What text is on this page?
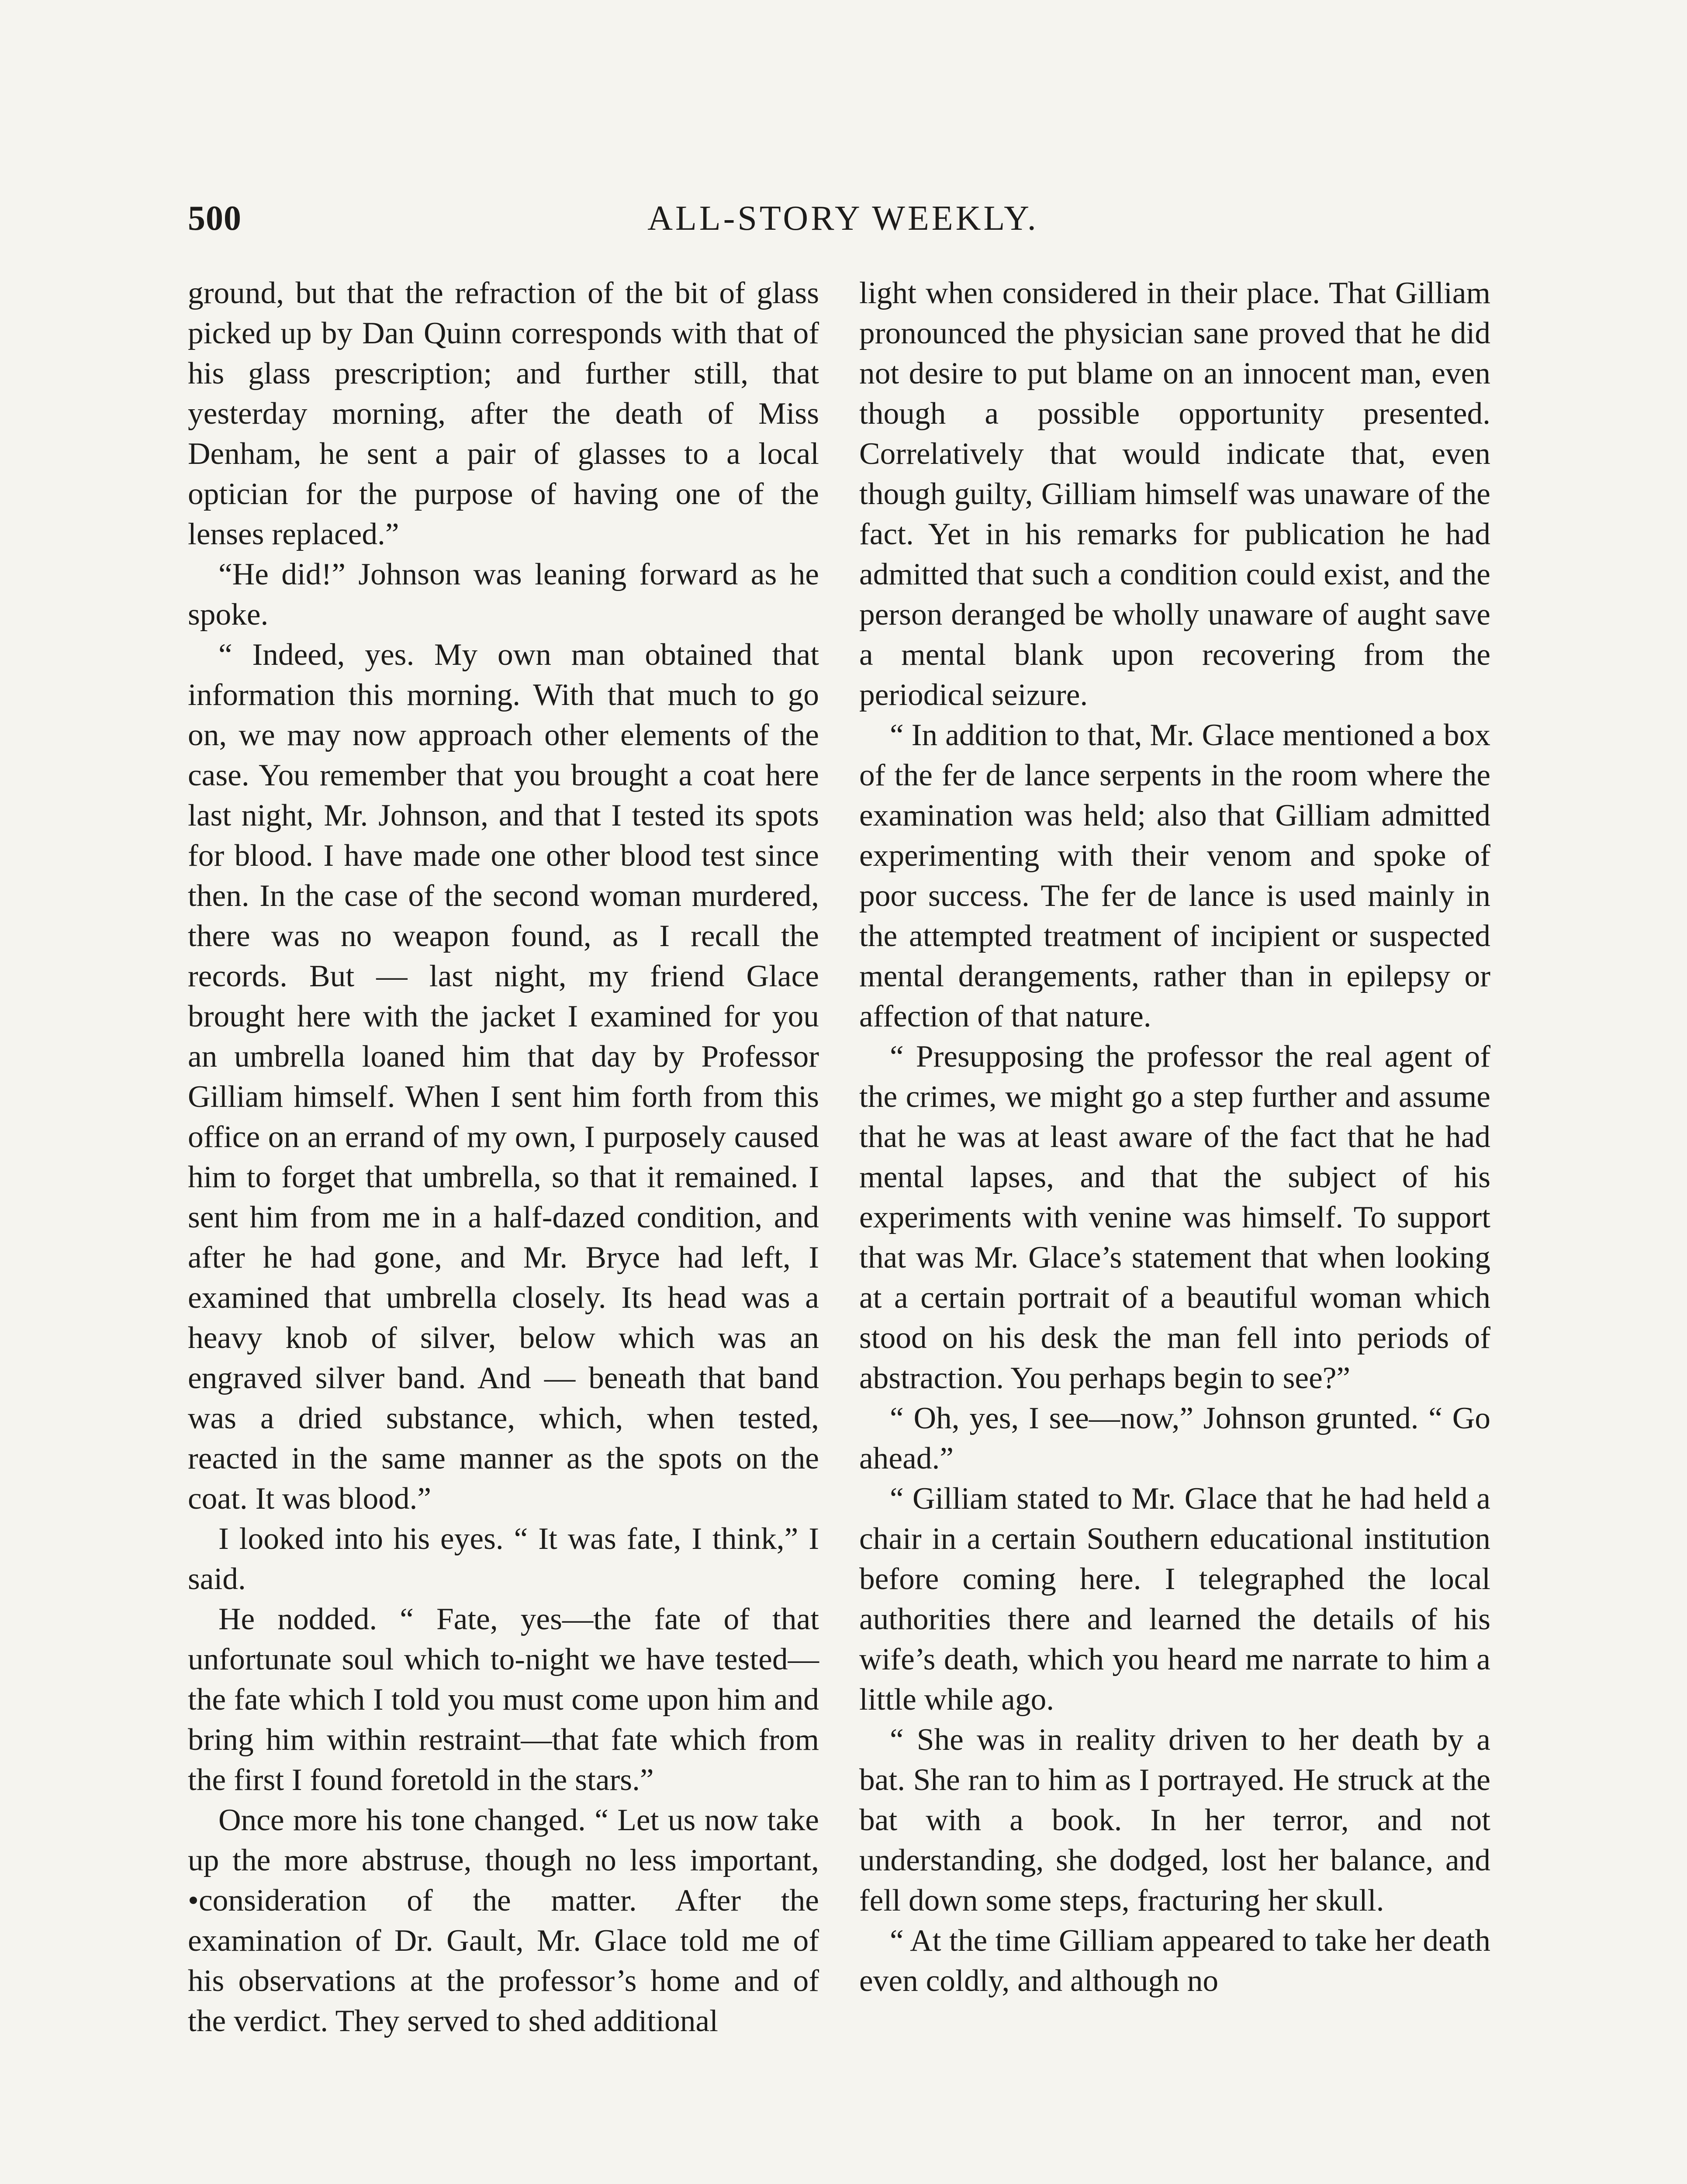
500	ALL-STORY WEEKLY.

ground, but that the refraction of the bit of glass picked up by Dan Quinn corresponds with that of his glass prescription; and further still, that yesterday morning, after the death of Miss Denham, he sent a pair of glasses to a local optician for the purpose of having one of the lenses replaced.”

“He did!” Johnson was leaning forward as he spoke.

“ Indeed, yes. My own man obtained that information this morning. With that much to go on, we may now approach other elements of the case. You remember that you brought a coat here last night, Mr. Johnson, and that I tested its spots for blood. I have made one other blood test since then. In the case of the second woman murdered, there was no weapon found, as I recall the records. But — last night, my friend Glace brought here with the jacket I examined for you an umbrella loaned him that day by Professor Gilliam himself. When I sent him forth from this office on an errand of my own, I purposely caused him to forget that umbrella, so that it remained. I sent him from me in a half-dazed condition, and after he had gone, and Mr. Bryce had left, I examined that umbrella closely. Its head was a heavy knob of silver, below which was an engraved silver band. And — beneath that band was a dried substance, which, when tested, reacted in the same manner as the spots on the coat. It was blood.”

I looked into his eyes. “ It was fate, I think,” I said.

He nodded. “ Fate, yes—the fate of that unfortunate soul which to-night we have tested—the fate which I told you must come upon him and bring him within restraint—that fate which from the first I found foretold in the stars.”

Once more his tone changed. “ Let us now take up the more abstruse, though no less important, •consideration of the matter. After the examination of Dr. Gault, Mr. Glace told me of his observations at the professor’s home and of the verdict. They served to shed additional

light when considered in their place. That Gilliam pronounced the physician sane proved that he did not desire to put blame on an innocent man, even though a possible opportunity presented. Correlatively that would indicate that, even though guilty, Gilliam himself was unaware of the fact. Yet in his remarks for publication he had admitted that such a condition could exist, and the person deranged be wholly unaware of aught save a mental blank upon recovering from the periodical seizure.

“ In addition to that, Mr. Glace mentioned a box of the fer de lance serpents in the room where the examination was held; also that Gilliam admitted experimenting with their venom and spoke of poor success. The fer de lance is used mainly in the attempted treatment of incipient or suspected mental derangements, rather than in epilepsy or affection of that nature.

“ Presupposing the professor the real agent of the crimes, we might go a step further and assume that he was at least aware of the fact that he had mental lapses, and that the subject of his experiments with venine was himself. To support that was Mr. Glace’s statement that when looking at a certain portrait of a beautiful woman which stood on his desk the man fell into periods of abstraction. You perhaps begin to see?”

“ Oh, yes, I see—now,” Johnson grunted. “ Go ahead.”

“ Gilliam stated to Mr. Glace that he had held a chair in a certain Southern educational institution before coming here. I telegraphed the local authorities there and learned the details of his wife’s death, which you heard me narrate to him a little while ago.

“ She was in reality driven to her death by a bat. She ran to him as I portrayed. He struck at the bat with a book. In her terror, and not understanding, she dodged, lost her balance, and fell down some steps, fracturing her skull.

“ At the time Gilliam appeared to take her death even coldly, and although no
